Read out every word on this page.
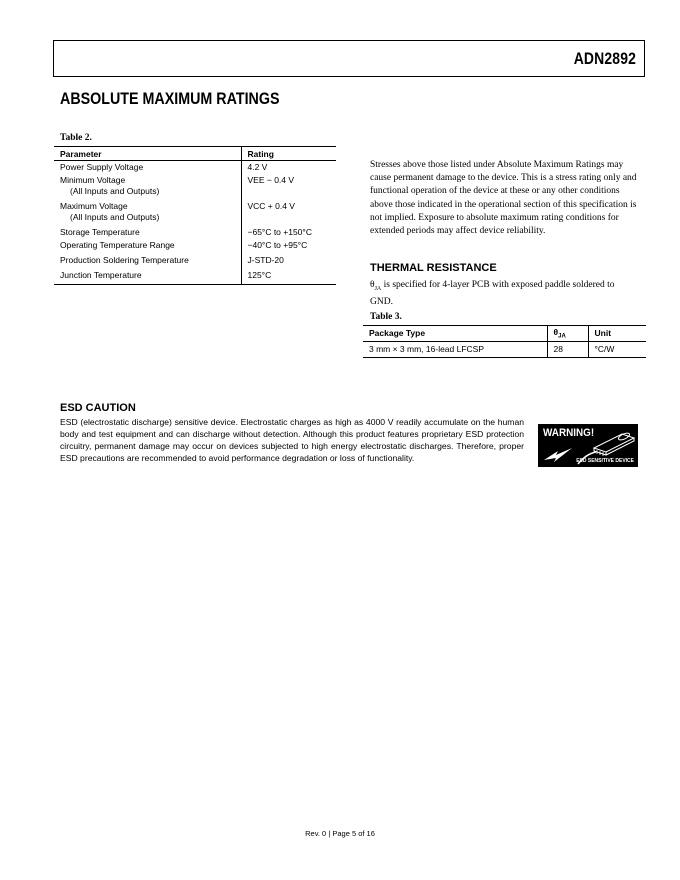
ADN2892
ABSOLUTE MAXIMUM RATINGS
Table 2.
Parameter	Rating
Power Supply Voltage	4.2 V

Minimum Voltage
(All Inputs and Outputs)	VEE − 0.4 V

Maximum Voltage
(All Inputs and Outputs)	VCC + 0.4 V
Storage Temperature	−65°C to +150°C
Operating Temperature Range	−40°C to +95°C
Production Soldering Temperature	J-STD-20
Junction Temperature	125°C
Stresses above those listed under Absolute Maximum Ratings may cause permanent damage to the device. This is a stress rating only and functional operation of the device at these or any other conditions above those indicated in the operational section of this specification is not implied. Exposure to absolute maximum rating conditions for extended periods may affect device reliability.
THERMAL RESISTANCE
$\theta_{JA}$ is specified for 4-layer PCB with exposed paddle soldered to GND.
Table 3.
Package Type	$\theta_{JA}$	Unit
3 mm × 3 mm, 16-lead LFCSP	28	°C/W
ESD CAUTION
ESD (electrostatic discharge) sensitive device. Electrostatic charges as high as 4000 V readily accumulate on the human body and test equipment and can discharge without detection. Although this product features proprietary ESD protection circuitry, permanent damage may occur on devices subjected to high energy electrostatic discharges. Therefore, proper ESD precautions are recommended to avoid performance degradation or loss of functionality.
WARNING!
ESD SENSITIVE DEVICE
Rev. 0 | Page 5 of 16
